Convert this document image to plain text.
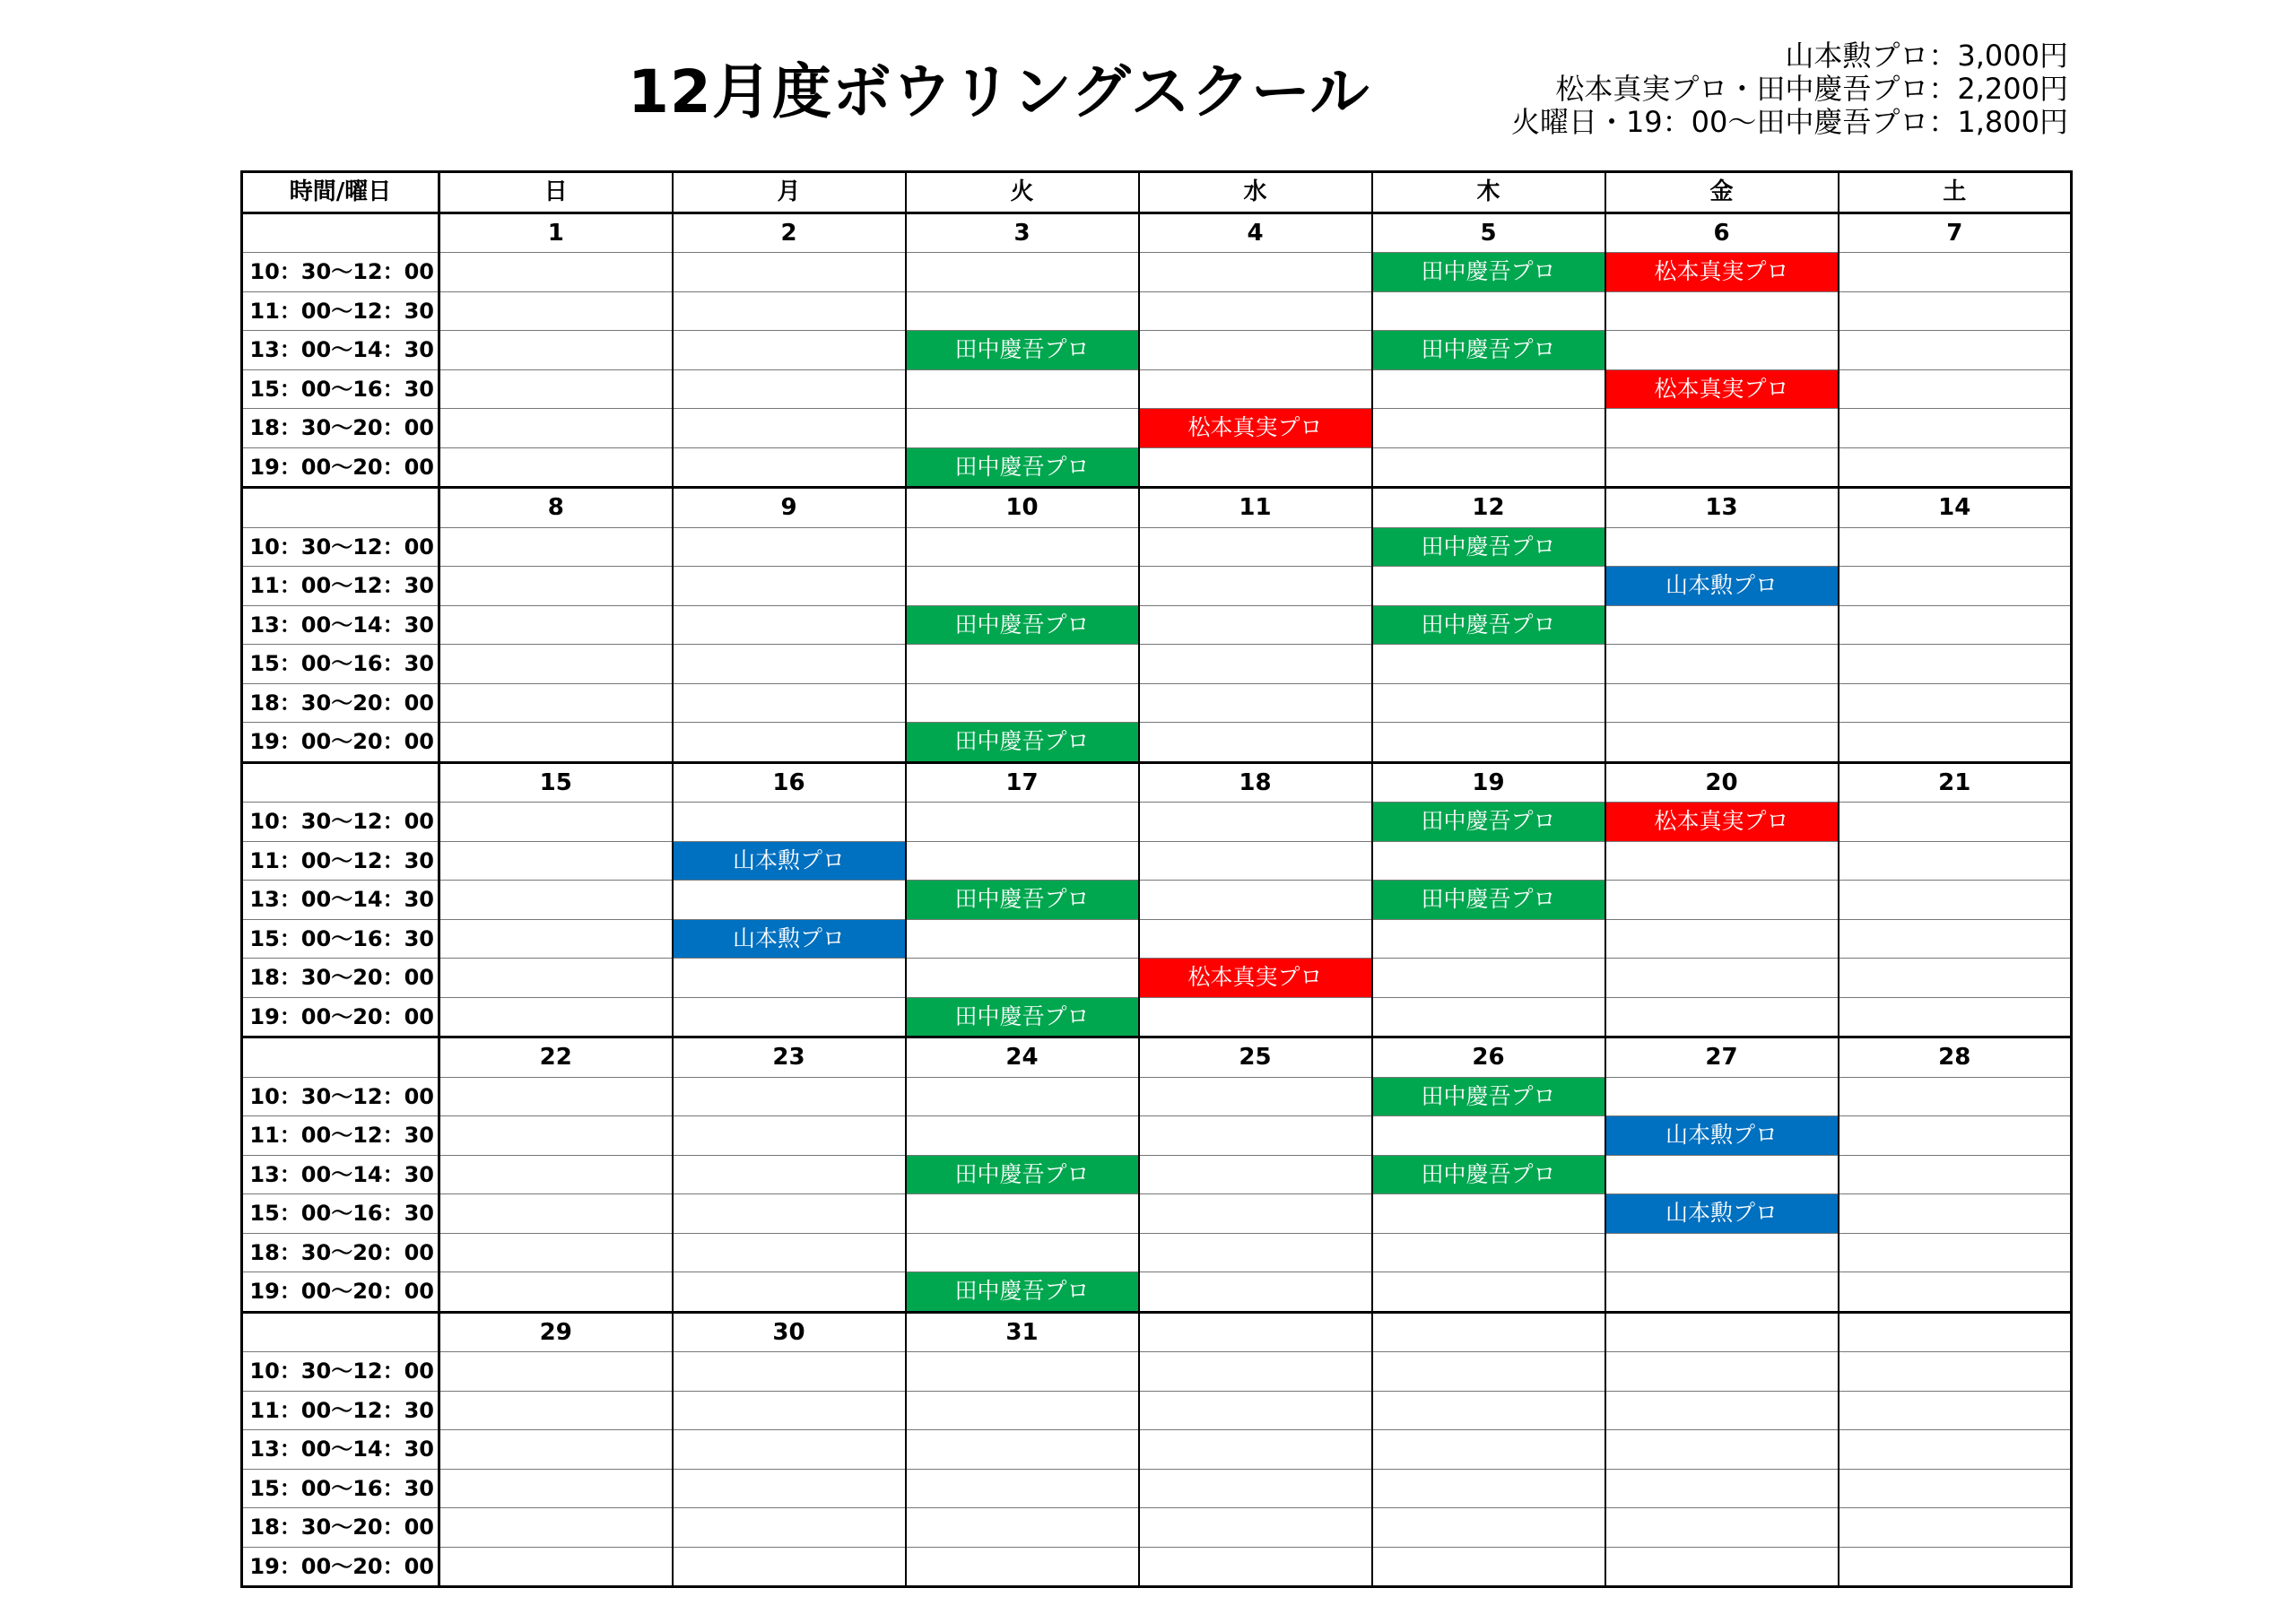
12月度ボウリングスクール
山本勲プロ：3,000円
松本真実プロ・田中慶吾プロ：2,200円
火曜日・19：00～田中慶吾プロ：1,800円
時間/曜日	日	月	火	水	木	金	土
	1	2	3	4	5	6	7
10：30～12：00					田中慶吾プロ	松本真実プロ	
11：00～12：30							
13：00～14：30			田中慶吾プロ		田中慶吾プロ		
15：00～16：30						松本真実プロ	
18：30～20：00				松本真実プロ			
19：00～20：00			田中慶吾プロ				
	8	9	10	11	12	13	14
10：30～12：00					田中慶吾プロ		
11：00～12：30						山本勲プロ	
13：00～14：30			田中慶吾プロ		田中慶吾プロ		
15：00～16：30							
18：30～20：00							
19：00～20：00			田中慶吾プロ				
	15	16	17	18	19	20	21
10：30～12：00					田中慶吾プロ	松本真実プロ	
11：00～12：30		山本勲プロ					
13：00～14：30			田中慶吾プロ		田中慶吾プロ		
15：00～16：30		山本勲プロ					
18：30～20：00				松本真実プロ			
19：00～20：00			田中慶吾プロ				
	22	23	24	25	26	27	28
10：30～12：00					田中慶吾プロ		
11：00～12：30						山本勲プロ	
13：00～14：30			田中慶吾プロ		田中慶吾プロ		
15：00～16：30						山本勲プロ	
18：30～20：00							
19：00～20：00			田中慶吾プロ				
	29	30	31				
10：30～12：00							
11：00～12：30							
13：00～14：30							
15：00～16：30							
18：30～20：00							
19：00～20：00							
